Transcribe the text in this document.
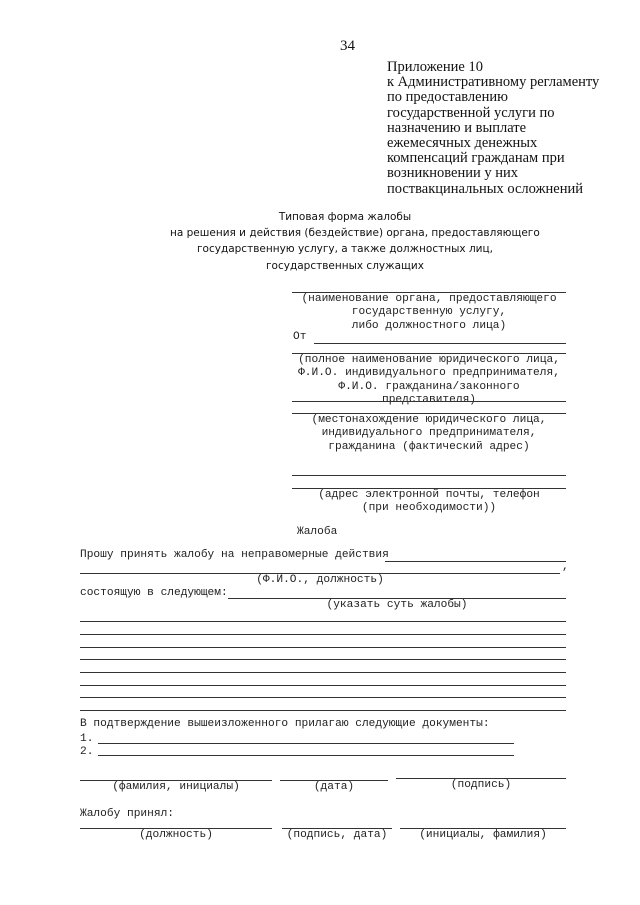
34
Приложение 10
к Административному регламенту
по предоставлению
государственной услуги по
назначению и выплате
ежемесячных денежных
компенсаций гражданам при
возникновении у них
поствакцинальных осложнений
Типовая форма жалобы
на решения и действия (бездействие) органа, предоставляющего
государственную услугу, а также должностных лиц,
государственных служащих
(наименование органа, предоставляющего
государственную услугу,
либо должностного лица)
От
(полное наименование юридического лица,
Ф.И.О. индивидуального предпринимателя,
Ф.И.О. гражданина/законного представителя)
(местонахождение юридического лица,
индивидуального предпринимателя,
гражданина (фактический адрес)
(адрес электронной почты, телефон
(при необходимости))
Жалоба
Прошу принять жалобу на неправомерные действия
,
(Ф.И.О., должность)
состоящую в следующем:
(указать суть жалобы)
В подтверждение вышеизложенного прилагаю следующие документы:
1.
2.
(фамилия, инициалы)	(дата)	(подпись)
Жалобу принял:
(должность)	(подпись, дата)	(инициалы, фамилия)
